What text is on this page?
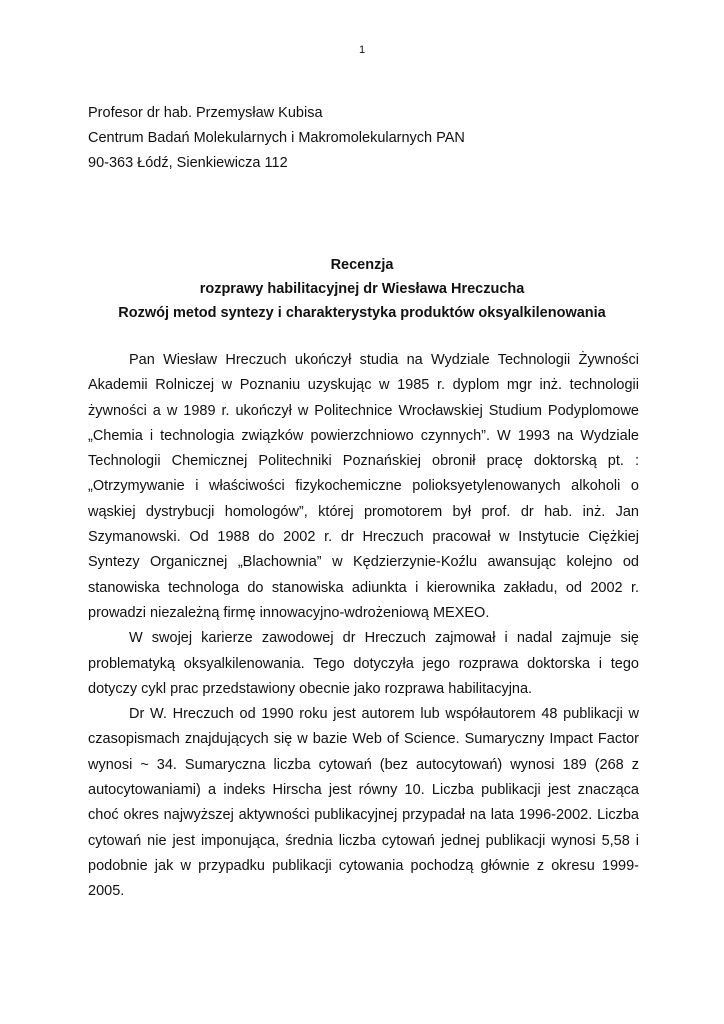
1
Profesor dr hab. Przemysław Kubisa
Centrum Badań Molekularnych i Makromolekularnych PAN
90-363 Łódź, Sienkiewicza 112
Recenzja
rozprawy habilitacyjnej dr Wiesława Hreczucha
Rozwój metod syntezy i charakterystyka produktów oksyalkilenowania

Pan Wiesław Hreczuch ukończył studia na Wydziale Technologii Żywności Akademii Rolniczej w Poznaniu uzyskując w 1985 r. dyplom mgr inż. technologii żywności a w 1989 r. ukończył w Politechnice Wrocławskiej Studium Podyplomowe „Chemia i technologia związków powierzchniowo czynnych”. W 1993 na Wydziale Technologii Chemicznej Politechniki Poznańskiej obronił pracę doktorską pt. :„Otrzymywanie i właściwości fizykochemiczne polioksyetylenowanych alkoholi o wąskiej dystrybucji homologów”, której promotorem był prof. dr hab. inż. Jan Szymanowski. Od 1988 do 2002 r. dr Hreczuch pracował w Instytucie Ciężkiej Syntezy Organicznej „Blachownia” w Kędzierzynie-Koźlu awansując kolejno od stanowiska technologa do stanowiska adiunkta i kierownika zakładu, od 2002 r. prowadzi niezależną firmę innowacyjno-wdrożeniową MEXEO.

W swojej karierze zawodowej dr Hreczuch zajmował i nadal zajmuje się problematyką oksyalkilenowania. Tego dotyczyła jego rozprawa doktorska i tego dotyczy cykl prac przedstawiony obecnie jako rozprawa habilitacyjna.

Dr W. Hreczuch od 1990 roku jest autorem lub współautorem 48 publikacji w czasopismach znajdujących się w bazie Web of Science. Sumaryczny Impact Factor wynosi ~ 34. Sumaryczna liczba cytowań (bez autocytowań) wynosi 189 (268 z autocytowaniami) a indeks Hirscha jest równy 10. Liczba publikacji jest znacząca choć okres najwyższej aktywności publikacyjnej przypadał na lata 1996-2002. Liczba cytowań nie jest imponująca, średnia liczba cytowań jednej publikacji wynosi 5,58 i podobnie jak w przypadku publikacji cytowania pochodzą głównie z okresu 1999-2005.
